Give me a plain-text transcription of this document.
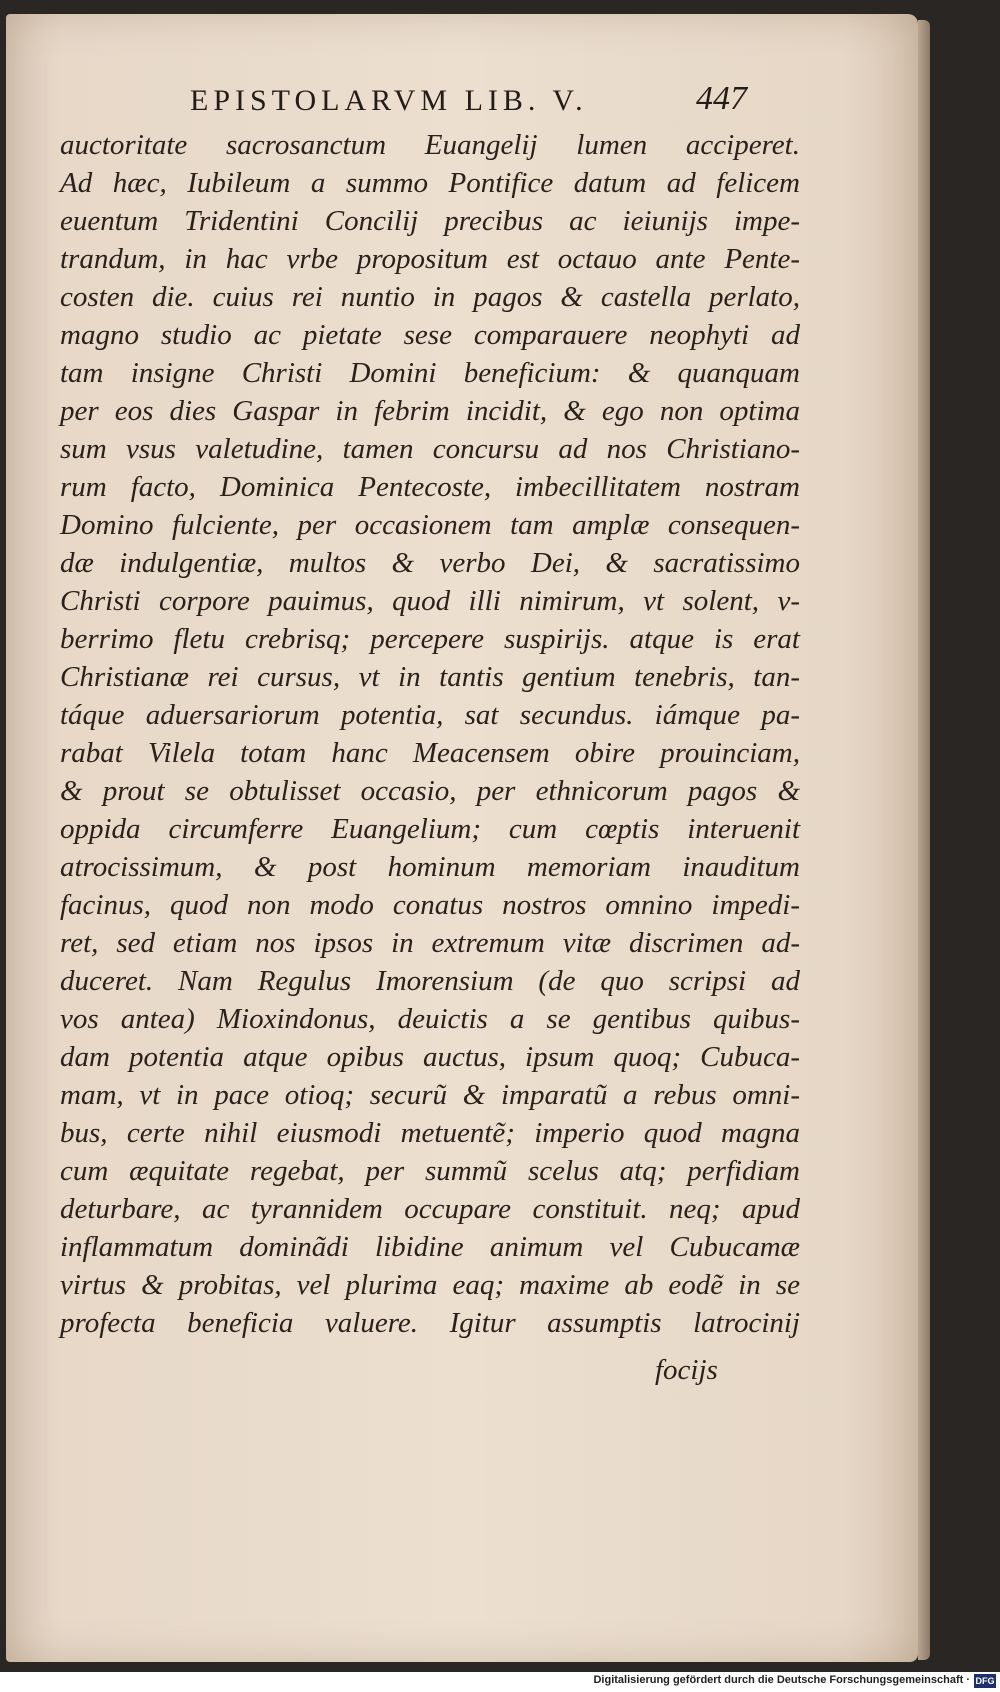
EPISTOLARVM LIB. V.	447
auctoritate sacrosanctum Euangelij lumen acciperet.
Ad hæc, Iubileum a summo Pontifice datum ad felicem
euentum Tridentini Concilij precibus ac ieiunijs impe-
trandum, in hac vrbe propositum est octauo ante Pente-
costen die. cuius rei nuntio in pagos & castella perlato,
magno studio ac pietate sese comparauere neophyti ad
tam insigne Christi Domini beneficium: & quanquam
per eos dies Gaspar in febrim incidit, & ego non optima
sum vsus valetudine, tamen concursu ad nos Christiano-
rum facto, Dominica Pentecoste, imbecillitatem nostram
Domino fulciente, per occasionem tam amplæ consequen-
dæ indulgentiæ, multos & verbo Dei, & sacratissimo
Christi corpore pauimus, quod illi nimirum, vt solent, v-
berrimo fletu crebrisq; percepere suspirijs. atque is erat
Christianæ rei cursus, vt in tantis gentium tenebris, tan-
táque aduersariorum potentia, sat secundus. iámque pa-
rabat Vilela totam hanc Meacensem obire prouinciam,
& prout se obtulisset occasio, per ethnicorum pagos &
oppida circumferre Euangelium; cum cœptis interuenit
atrocissimum, & post hominum memoriam inauditum
facinus, quod non modo conatus nostros omnino impedi-
ret, sed etiam nos ipsos in extremum vitæ discrimen ad-
duceret. Nam Regulus Imorensium (de quo scripsi ad
vos antea) Mioxindonus, deuictis a se gentibus quibus-
dam potentia atque opibus auctus, ipsum quoq; Cubuca-
mam, vt in pace otioq; securũ & imparatũ a rebus omni-
bus, certe nihil eiusmodi metuentẽ; imperio quod magna
cum æquitate regebat, per summũ scelus atq; perfidiam
deturbare, ac tyrannidem occupare constituit. neq; apud
inflammatum dominãdi libidine animum vel Cubucamæ
virtus & probitas, vel plurima eaq; maxime ab eodẽ in se
profecta beneficia valuere. Igitur assumptis latrocinij
focijs
Digitalisierung gefördert durch die Deutsche Forschungsgemeinschaft · DFG
